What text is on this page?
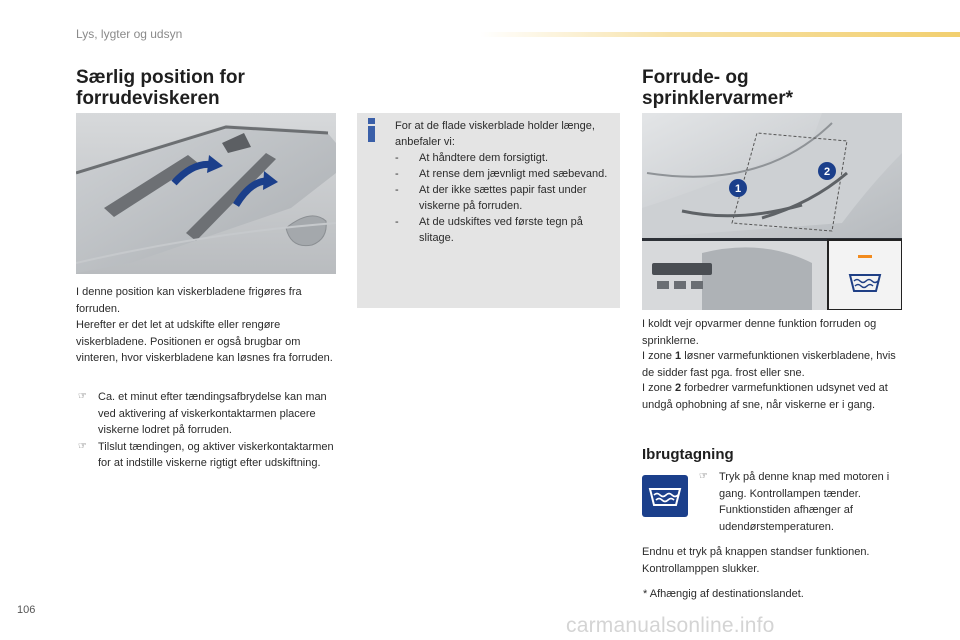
Lys, lygter og udsyn
Særlig position for
forrudeviskeren

I denne position kan viskerbladene frigøres fra forruden.

Herefter er det let at udskifte eller rengøre viskerbladene. Positionen er også brugbar om vinteren, hvor viskerbladene kan løsnes fra forruden.

☞ Ca. et minut efter tændingsafbrydelse kan man ved aktivering af viskerkontaktarmen placere viskerne lodret på forruden.
☞ Tilslut tændingen, og aktiver viskerkontaktarmen for at indstille viskerne rigtigt efter udskiftning.
For at de flade viskerblade holder længe, anbefaler vi:
- At håndtere dem forsigtigt.
- At rense dem jævnligt med sæbevand.
- At der ikke sættes papir fast under viskerne på forruden.
- At de udskiftes ved første tegn på slitage.
Forrude- og
sprinklervarmer*
1
2

I koldt vejr opvarmer denne funktion forruden og sprinklerne.

I zone 1 løsner varmefunktionen viskerbladene, hvis de sidder fast pga. frost eller sne.

I zone 2 forbedrer varmefunktionen udsynet ved at undgå ophobning af sne, når viskerne er i gang.

Ibrugtagning
☞ Tryk på denne knap med motoren i gang. Kontrollampen tænder. Funktionstiden afhænger af udendørstemperaturen.

Endnu et tryk på knappen standser funktionen. Kontrollamppen slukker.

* Afhængig af destinationslandet.
106
carmanualsonline.info
